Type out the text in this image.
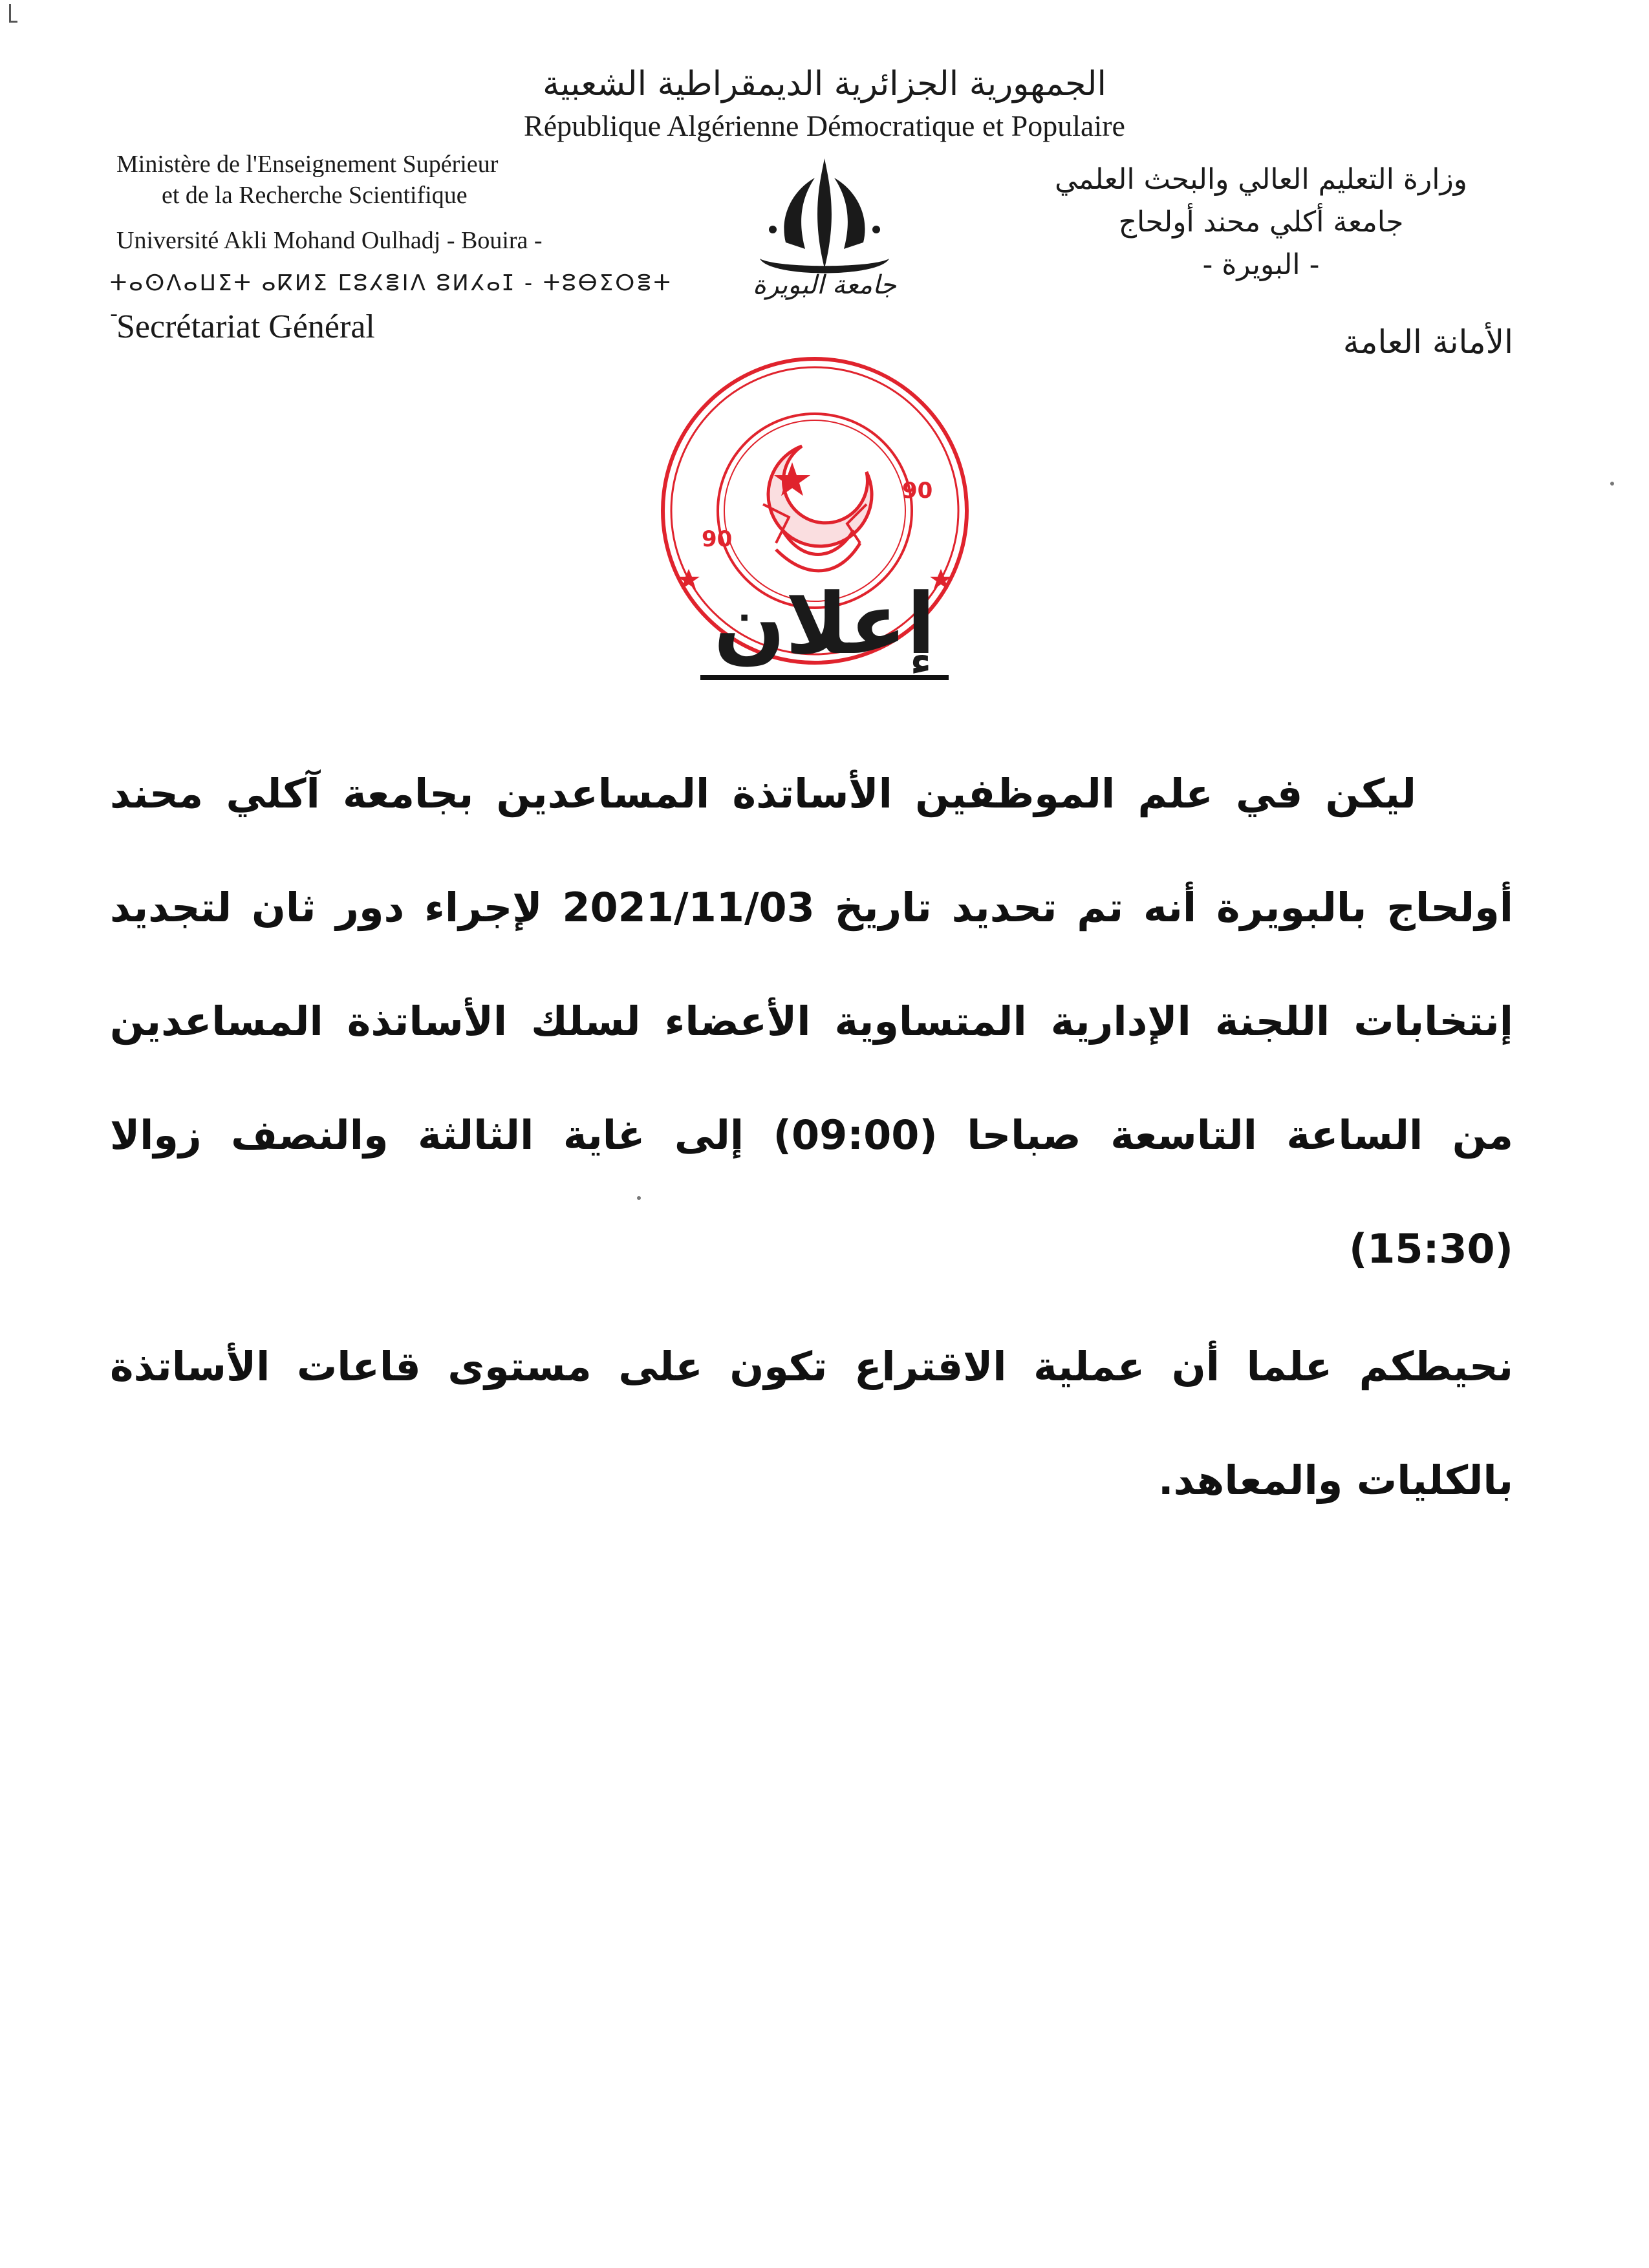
الجمهورية الجزائرية الديمقراطية الشعبية
République Algérienne Démocratique et Populaire
Ministère de l'Enseignement Supérieur
et de la Recherche Scientifique
Université Akli Mohand Oulhadj - Bouira -
ⵜⴰⵙⴷⴰⵡⵉⵜ ⴰⴽⵍⵉ ⵎⵓⵃⴻⵏⴷ ⵓⵍⵃⴰⵊ - ⵜⵓⴱⵉⵔⴻⵜ -
Secrétariat Général
وزارة التعليم العالي والبحث العلمي
جامعة أكلي محند أولحاج
- البويرة -
الأمانة العامة
جامعة البويرة
90
90
إعلان

ليكن في علم الموظفين الأساتذة المساعدين بجامعة آكلي محند أولحاج بالبويرة أنه تم تحديد تاريخ 2021/11/03 لإجراء دور ثان لتجديد إنتخابات اللجنة الإدارية المتساوية الأعضاء لسلك الأساتذة المساعدين من الساعة التاسعة صباحا (09:00) إلى غاية الثالثة والنصف زوالا (15:30)

نحيطكم علما أن عملية الاقتراع تكون على مستوى قاعات الأساتذة بالكليات والمعاهد.
